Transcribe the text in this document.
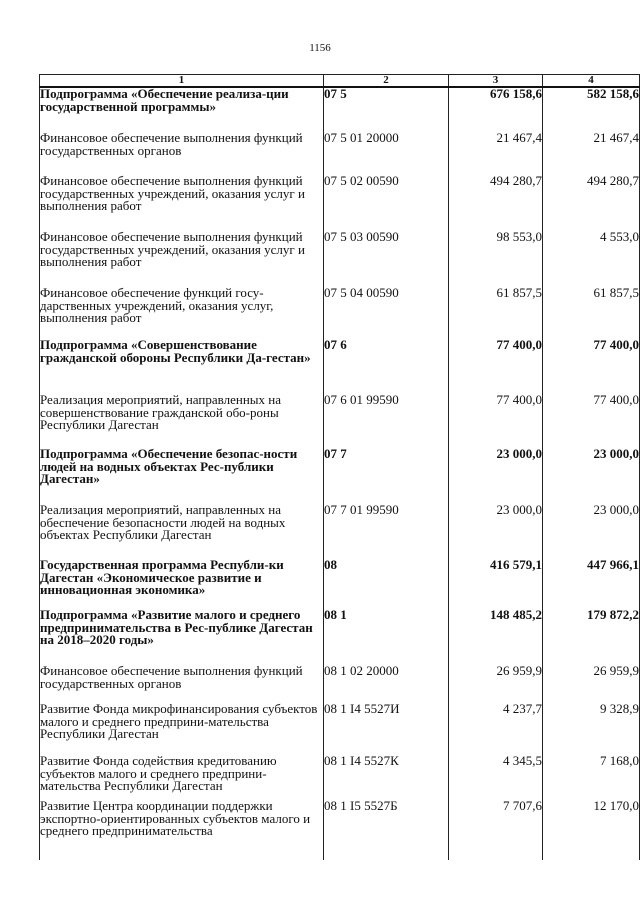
1156
1	2	3	4
Подпрограмма «Обеспечение реализа-ции государственной программы»	07 5	676 158,6	582 158,6
Финансовое обеспечение выполнения функций государственных органов	07 5 01 20000	21 467,4	21 467,4
Финансовое обеспечение выполнения функций государственных учреждений, оказания услуг и выполнения работ	07 5 02 00590	494 280,7	494 280,7
Финансовое обеспечение выполнения функций государственных учреждений, оказания услуг и выполнения работ	07 5 03 00590	98 553,0	4 553,0
Финансовое обеспечение функций госу-дарственных учреждений, оказания услуг, выполнения работ	07 5 04 00590	61 857,5	61 857,5
Подпрограмма «Совершенствование гражданской обороны Республики Да-гестан»	07 6	77 400,0	77 400,0
Реализация мероприятий, направленных на совершенствование гражданской обо-роны Республики Дагестан	07 6 01 99590	77 400,0	77 400,0
Подпрограмма «Обеспечение безопас-ности людей на водных объектах Рес-публики Дагестан»	07 7	23 000,0	23 000,0
Реализация мероприятий, направленных на обеспечение безопасности людей на водных объектах Республики Дагестан	07 7 01 99590	23 000,0	23 000,0
Государственная программа Республи-ки Дагестан «Экономическое развитие и инновационная экономика»	08	416 579,1	447 966,1
Подпрограмма «Развитие малого и среднего предпринимательства в Рес-публике Дагестан на 2018–2020 годы»	08 1	148 485,2	179 872,2
Финансовое обеспечение выполнения функций государственных органов	08 1 02 20000	26 959,9	26 959,9
Развитие Фонда микрофинансирования субъектов малого и среднего предприни-мательства Республики Дагестан	08 1 I4 5527И	4 237,7	9 328,9
Развитие Фонда содействия кредитованию субъектов малого и среднего предприни-мательства Республики Дагестан	08 1 I4 5527К	4 345,5	7 168,0
Развитие Центра координации поддержки экспортно-ориентированных субъектов малого и среднего предпринимательства	08 1 I5 5527Б	7 707,6	12 170,0
